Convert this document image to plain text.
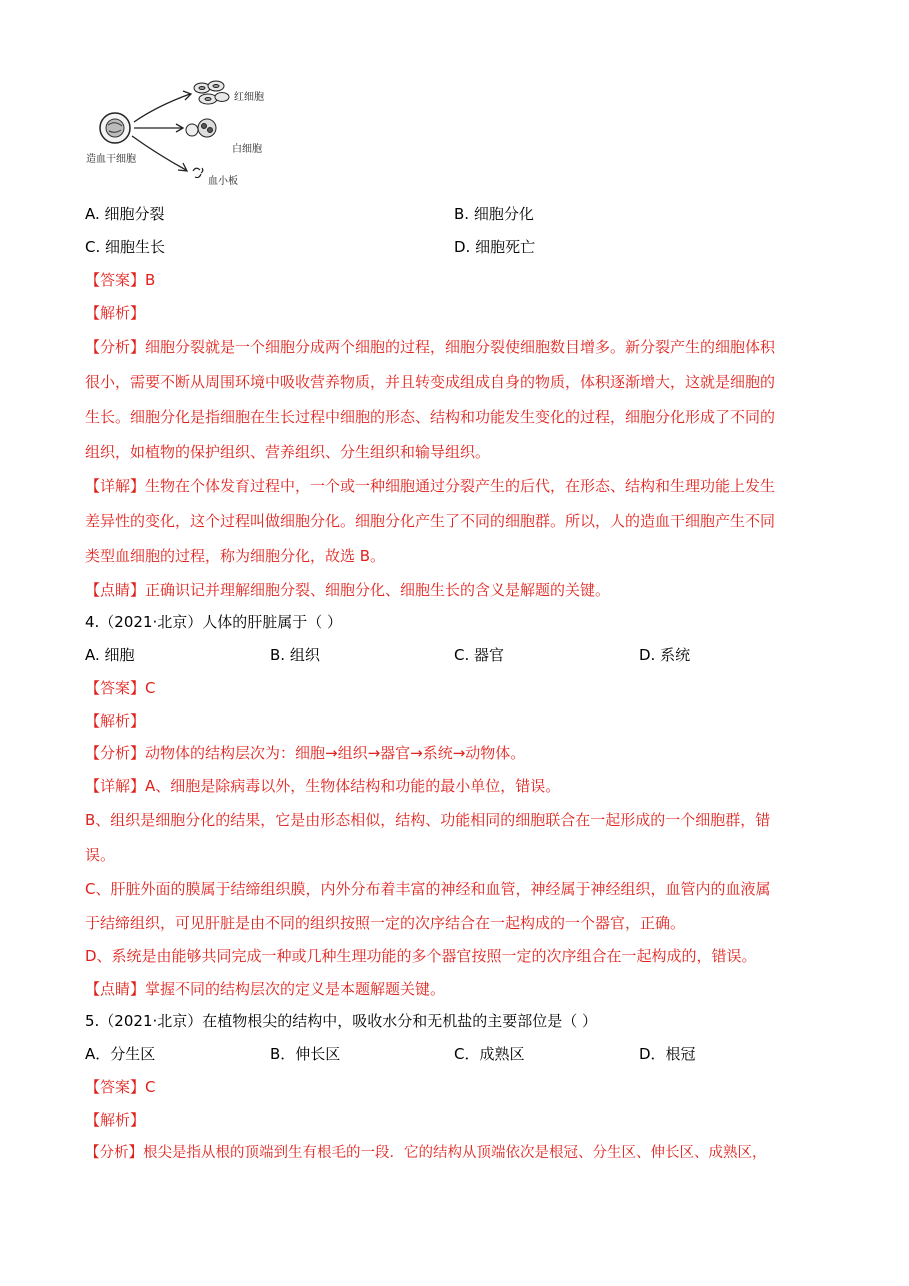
造血干细胞
红细胞
白细胞
血小板
A. 细胞分裂	B. 细胞分化
C. 细胞生长	D. 细胞死亡
【答案】B
【解析】
【分析】细胞分裂就是一个细胞分成两个细胞的过程，细胞分裂使细胞数目增多。新分裂产生的细胞体积
很小，需要不断从周围环境中吸收营养物质，并且转变成组成自身的物质，体积逐渐增大，这就是细胞的
生长。细胞分化是指细胞在生长过程中细胞的形态、结构和功能发生变化的过程，细胞分化形成了不同的
组织，如植物的保护组织、营养组织、分生组织和输导组织。
【详解】生物在个体发育过程中，一个或一种细胞通过分裂产生的后代，在形态、结构和生理功能上发生
差异性的变化，这个过程叫做细胞分化。细胞分化产生了不同的细胞群。所以，人的造血干细胞产生不同
类型血细胞的过程，称为细胞分化，故选 B。
【点睛】正确识记并理解细胞分裂、细胞分化、细胞生长的含义是解题的关键。
4.（2021·北京）人体的肝脏属于（ ）
A. 细胞	B. 组织	C. 器官	D. 系统
【答案】C
【解析】
【分析】动物体的结构层次为：细胞→组织→器官→系统→动物体。
【详解】A、细胞是除病毒以外，生物体结构和功能的最小单位，错误。
B、组织是细胞分化的结果，它是由形态相似，结构、功能相同的细胞联合在一起形成的一个细胞群，错
误。
C、肝脏外面的膜属于结缔组织膜，内外分布着丰富的神经和血管，神经属于神经组织，血管内的血液属
于结缔组织，可见肝脏是由不同的组织按照一定的次序结合在一起构成的一个器官，正确。
D、系统是由能够共同完成一种或几种生理功能的多个器官按照一定的次序组合在一起构成的，错误。
【点睛】掌握不同的结构层次的定义是本题解题关键。
5.（2021·北京）在植物根尖的结构中，吸收水分和无机盐的主要部位是（ ）
A．分生区	B．伸长区	C．成熟区	D．根冠
【答案】C
【解析】
【分析】根尖是指从根的顶端到生有根毛的一段．它的结构从顶端依次是根冠、分生区、伸长区、成熟区，
